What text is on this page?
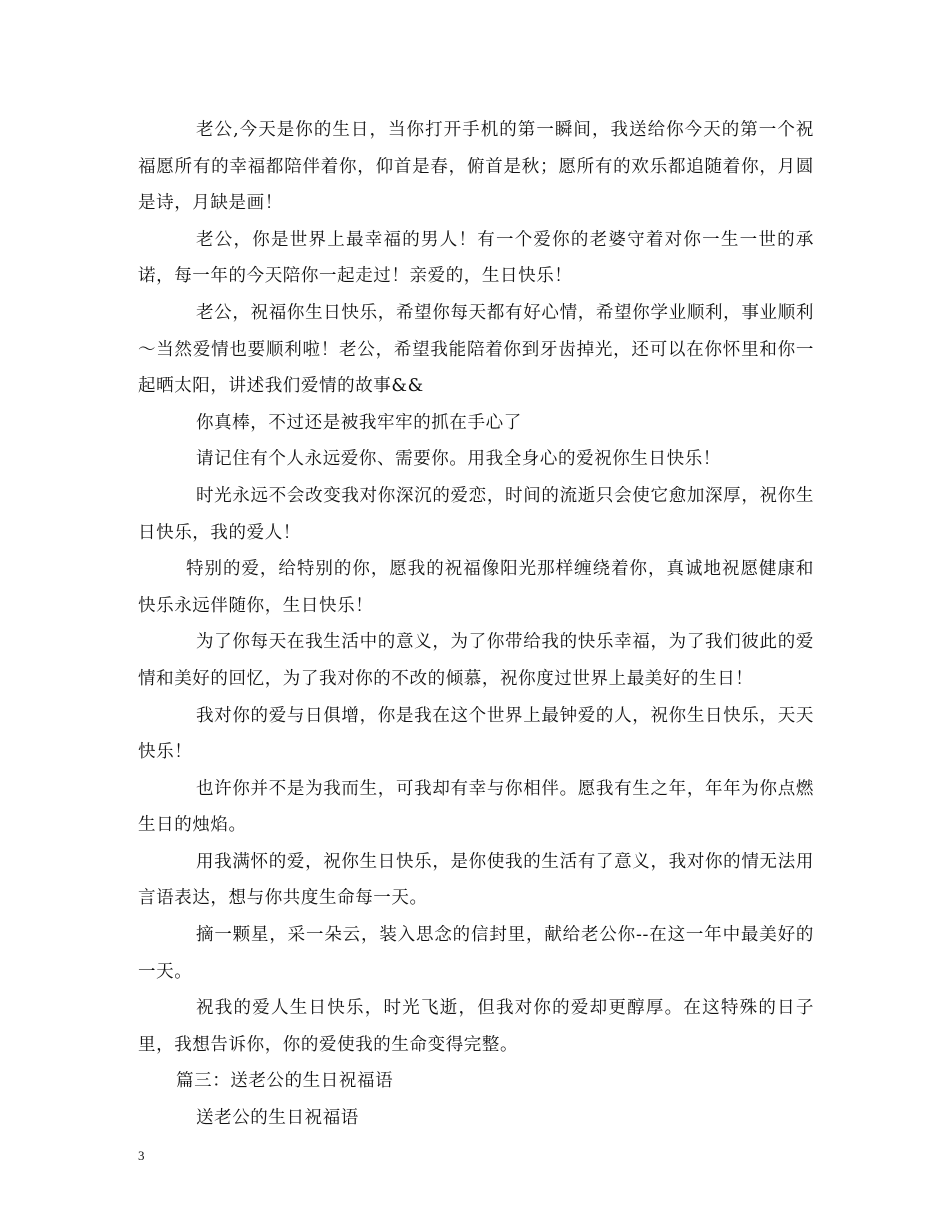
老公,今天是你的生日，当你打开手机的第一瞬间，我送给你今天的第一个祝福愿所有的幸福都陪伴着你，仰首是春，俯首是秋；愿所有的欢乐都追随着你，月圆是诗，月缺是画！

老公，你是世界上最幸福的男人！有一个爱你的老婆守着对你一生一世的承诺，每一年的今天陪你一起走过！亲爱的，生日快乐！

老公，祝福你生日快乐，希望你每天都有好心情，希望你学业顺利，事业顺利～当然爱情也要顺利啦！老公，希望我能陪着你到牙齿掉光，还可以在你怀里和你一起晒太阳，讲述我们爱情的故事&&

你真棒，不过还是被我牢牢的抓在手心了

请记住有个人永远爱你、需要你。用我全身心的爱祝你生日快乐！

时光永远不会改变我对你深沉的爱恋，时间的流逝只会使它愈加深厚，祝你生日快乐，我的爱人！

特别的爱，给特别的你，愿我的祝福像阳光那样缠绕着你，真诚地祝愿健康和快乐永远伴随你，生日快乐！

为了你每天在我生活中的意义，为了你带给我的快乐幸福，为了我们彼此的爱情和美好的回忆，为了我对你的不改的倾慕，祝你度过世界上最美好的生日！

我对你的爱与日俱增，你是我在这个世界上最钟爱的人，祝你生日快乐，天天快乐！

也许你并不是为我而生，可我却有幸与你相伴。愿我有生之年，年年为你点燃生日的烛焰。

用我满怀的爱，祝你生日快乐，是你使我的生活有了意义，我对你的情无法用言语表达，想与你共度生命每一天。

摘一颗星，采一朵云，装入思念的信封里，献给老公你--在这一年中最美好的一天。

祝我的爱人生日快乐，时光飞逝，但我对你的爱却更醇厚。在这特殊的日子里，我想告诉你，你的爱使我的生命变得完整。

篇三：送老公的生日祝福语

送老公的生日祝福语

3
